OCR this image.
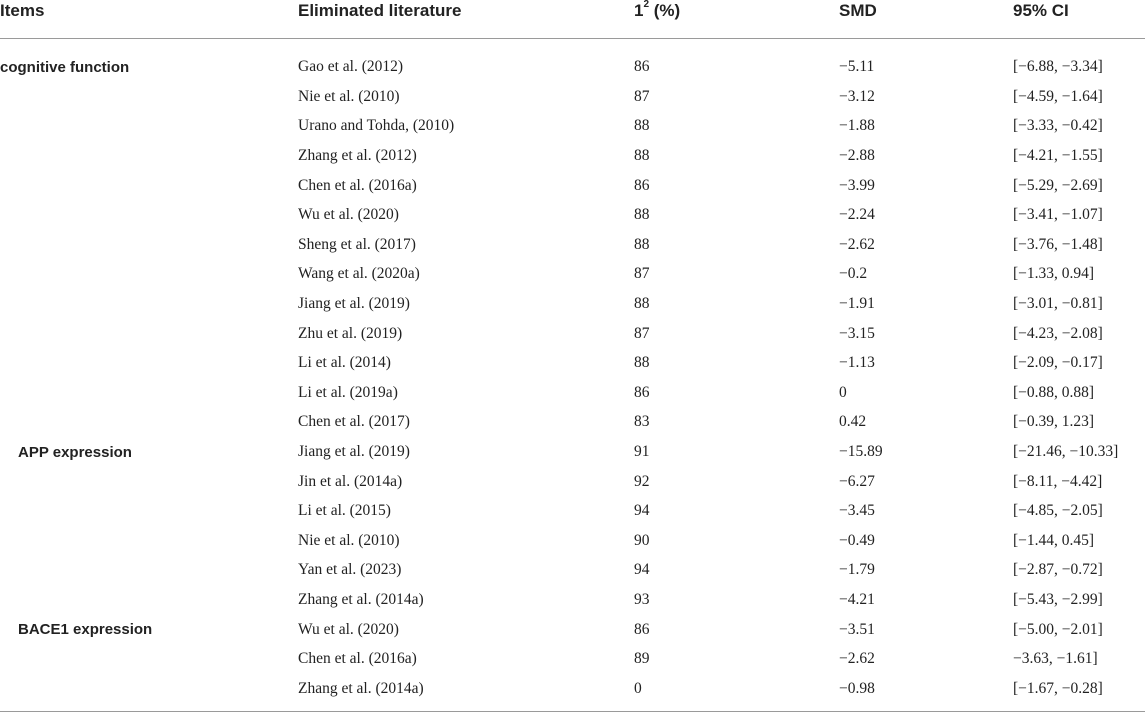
Items	Eliminated literature	$1^2$ (%)	SMD	95% CI

cognitive function	Gao et al. (2012)	86	−5.11	[−6.88, −3.34]
	Nie et al. (2010)	87	−3.12	[−4.59, −1.64]
	Urano and Tohda, (2010)	88	−1.88	[−3.33, −0.42]
	Zhang et al. (2012)	88	−2.88	[−4.21, −1.55]
	Chen et al. (2016a)	86	−3.99	[−5.29, −2.69]
	Wu et al. (2020)	88	−2.24	[−3.41, −1.07]
	Sheng et al. (2017)	88	−2.62	[−3.76, −1.48]
	Wang et al. (2020a)	87	−0.2	[−1.33, 0.94]
	Jiang et al. (2019)	88	−1.91	[−3.01, −0.81]
	Zhu et al. (2019)	87	−3.15	[−4.23, −2.08]
	Li et al. (2014)	88	−1.13	[−2.09, −0.17]
	Li et al. (2019a)	86	0	[−0.88, 0.88]
	Chen et al. (2017)	83	0.42	[−0.39, 1.23]
APP expression	Jiang et al. (2019)	91	−15.89	[−21.46, −10.33]
	Jin et al. (2014a)	92	−6.27	[−8.11, −4.42]
	Li et al. (2015)	94	−3.45	[−4.85, −2.05]
	Nie et al. (2010)	90	−0.49	[−1.44, 0.45]
	Yan et al. (2023)	94	−1.79	[−2.87, −0.72]
	Zhang et al. (2014a)	93	−4.21	[−5.43, −2.99]
BACE1 expression	Wu et al. (2020)	86	−3.51	[−5.00, −2.01]
	Chen et al. (2016a)	89	−2.62	−3.63, −1.61]
	Zhang et al. (2014a)	0	−0.98	[−1.67, −0.28]
